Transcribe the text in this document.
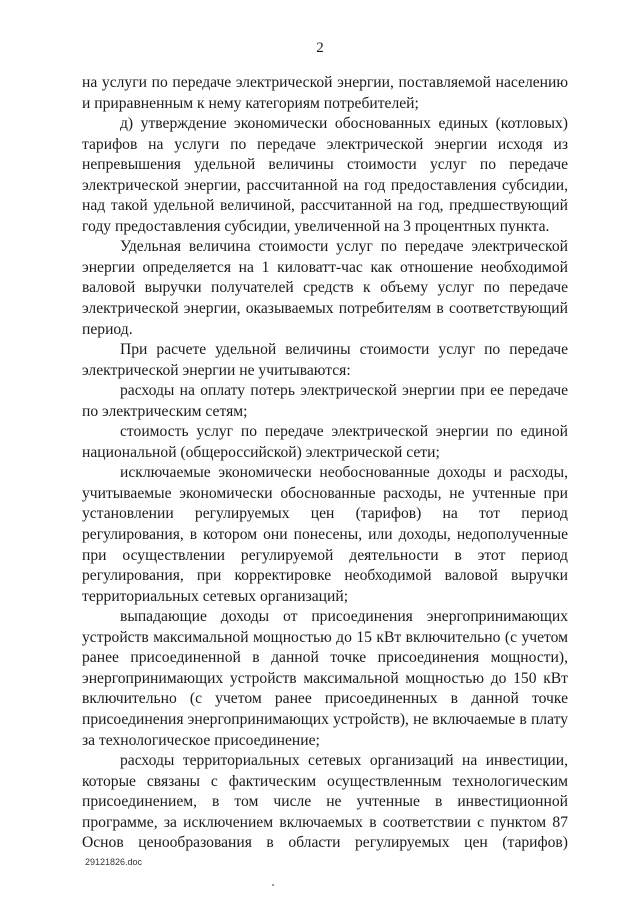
2

на услуги по передаче электрической энергии, поставляемой населению и приравненным к нему категориям потребителей;

д) утверждение экономически обоснованных единых (котловых) тарифов на услуги по передаче электрической энергии исходя из непревышения удельной величины стоимости услуг по передаче электрической энергии, рассчитанной на год предоставления субсидии, над такой удельной величиной, рассчитанной на год, предшествующий году предоставления субсидии, увеличенной на 3 процентных пункта.

Удельная величина стоимости услуг по передаче электрической энергии определяется на 1 киловатт-час как отношение необходимой валовой выручки получателей средств к объему услуг по передаче электрической энергии, оказываемых потребителям в соответствующий период.

При расчете удельной величины стоимости услуг по передаче электрической энергии не учитываются:

расходы на оплату потерь электрической энергии при ее передаче по электрическим сетям;

стоимость услуг по передаче электрической энергии по единой национальной (общероссийской) электрической сети;

исключаемые экономически необоснованные доходы и расходы, учитываемые экономически обоснованные расходы, не учтенные при установлении регулируемых цен (тарифов) на тот период регулирования, в котором они понесены, или доходы, недополученные при осуществлении регулируемой деятельности в этот период регулирования, при корректировке необходимой валовой выручки территориальных сетевых организаций;

выпадающие доходы от присоединения энергопринимающих устройств максимальной мощностью до 15 кВт включительно (с учетом ранее присоединенной в данной точке присоединения мощности), энергопринимающих устройств максимальной мощностью до 150 кВт включительно (с учетом ранее присоединенных в данной точке присоединения энергопринимающих устройств), не включаемые в плату за технологическое присоединение;

расходы территориальных сетевых организаций на инвестиции, которые связаны с фактическим осуществленным технологическим присоединением, в том числе не учтенные в инвестиционной программе, за исключением включаемых в соответствии с пунктом 87 Основ ценообразования в области регулируемых цен (тарифов)

29121826.doc
